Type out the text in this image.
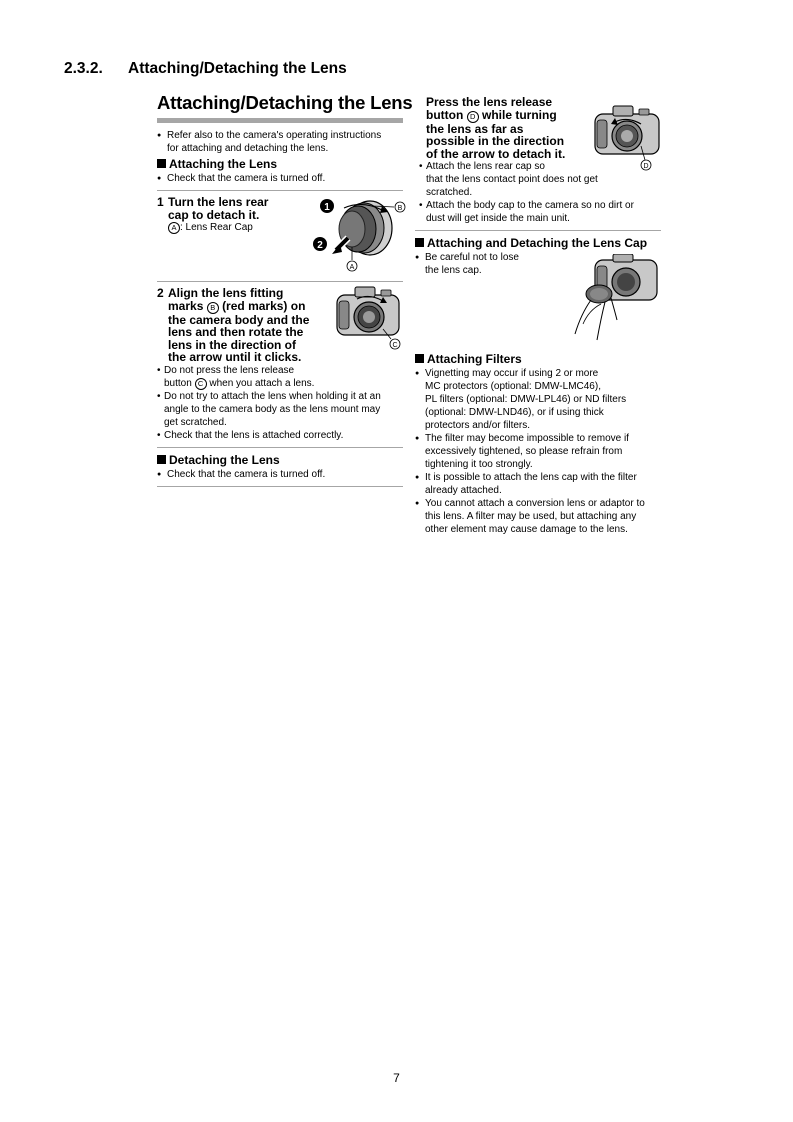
2.3.2. Attaching/Detaching the Lens
Attaching/Detaching the Lens
● Refer also to the camera's operating instructions
for attaching and detaching the lens.
Attaching the Lens
● Check that the camera is turned off.
1 Turn the lens rear
cap to detach it.
A : Lens Rear Cap
1
2
B
A
2 Align the lens fitting
marks B (red marks) on
the camera body and the
lens and then rotate the
lens in the direction of
the arrow until it clicks.
C
• Do not press the lens release
button C when you attach a lens.
• Do not try to attach the lens when holding it at an
angle to the camera body as the lens mount may
get scratched.
• Check that the lens is attached correctly.
Detaching the Lens
● Check that the camera is turned off.
Press the lens release
button D while turning
the lens as far as
possible in the direction
of the arrow to detach it.
D
• Attach the lens rear cap so
that the lens contact point does not get
scratched.
• Attach the body cap to the camera so no dirt or
dust will get inside the main unit.
Attaching and Detaching the Lens Cap
● Be careful not to lose
the lens cap.
Attaching Filters
● Vignetting may occur if using 2 or more
MC protectors (optional: DMW-LMC46),
PL filters (optional: DMW-LPL46) or ND filters
(optional: DMW-LND46), or if using thick
protectors and/or filters.
● The filter may become impossible to remove if
excessively tightened, so please refrain from
tightening it too strongly.
● It is possible to attach the lens cap with the filter
already attached.
● You cannot attach a conversion lens or adaptor to
this lens. A filter may be used, but attaching any
other element may cause damage to the lens.
7
